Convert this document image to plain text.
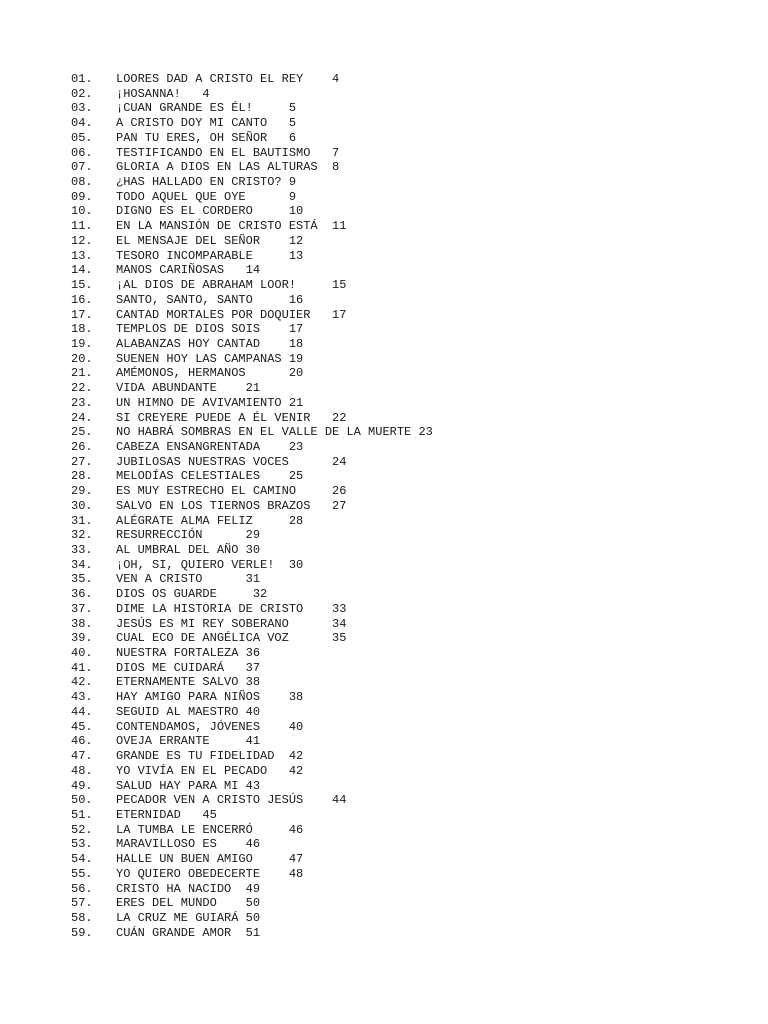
01. LOORES DAD A CRISTO EL REY    4
02. ¡HOSANNA!   4
03. ¡CUAN GRANDE ES ÉL!     5
04. A CRISTO DOY MI CANTO   5
05. PAN TU ERES, OH SEÑOR   6
06. TESTIFICANDO EN EL BAUTISMO   7
07. GLORIA A DIOS EN LAS ALTURAS  8
08. ¿HAS HALLADO EN CRISTO? 9
09. TODO AQUEL QUE OYE      9
10. DIGNO ES EL CORDERO     10
11. EN LA MANSIÓN DE CRISTO ESTÁ  11
12. EL MENSAJE DEL SEÑOR    12
13. TESORO INCOMPARABLE     13
14. MANOS CARIÑOSAS   14
15. ¡AL DIOS DE ABRAHAM LOOR!     15
16. SANTO, SANTO, SANTO     16
17. CANTAD MORTALES POR DOQUIER   17
18. TEMPLOS DE DIOS SOIS    17
19. ALABANZAS HOY CANTAD    18
20. SUENEN HOY LAS CAMPANAS 19
21. AMÉMONOS, HERMANOS      20
22. VIDA ABUNDANTE    21
23. UN HIMNO DE AVIVAMIENTO 21
24. SI CREYERE PUEDE A ÉL VENIR   22
25. NO HABRÁ SOMBRAS EN EL VALLE DE LA MUERTE 23
26. CABEZA ENSANGRENTADA    23
27. JUBILOSAS NUESTRAS VOCES      24
28. MELODÍAS CELESTIALES    25
29. ES MUY ESTRECHO EL CAMINO     26
30. SALVO EN LOS TIERNOS BRAZOS   27
31. ALÉGRATE ALMA FELIZ     28
32. RESURRECCIÓN      29
33. AL UMBRAL DEL AÑO 30
34. ¡OH, SI, QUIERO VERLE!  30
35. VEN A CRISTO      31
36. DIOS OS GUARDE     32
37. DIME LA HISTORIA DE CRISTO    33
38. JESÚS ES MI REY SOBERANO      34
39. CUAL ECO DE ANGÉLICA VOZ      35
40. NUESTRA FORTALEZA 36
41. DIOS ME CUIDARÁ   37
42. ETERNAMENTE SALVO 38
43. HAY AMIGO PARA NIÑOS    38
44. SEGUID AL MAESTRO 40
45. CONTENDAMOS, JÓVENES    40
46. OVEJA ERRANTE     41
47. GRANDE ES TU FIDELIDAD  42
48. YO VIVÍA EN EL PECADO   42
49. SALUD HAY PARA MI 43
50. PECADOR VEN A CRISTO JESÚS    44
51. ETERNIDAD   45
52. LA TUMBA LE ENCERRÓ     46
53. MARAVILLOSO ES    46
54. HALLE UN BUEN AMIGO     47
55. YO QUIERO OBEDECERTE    48
56. CRISTO HA NACIDO  49
57. ERES DEL MUNDO    50
58. LA CRUZ ME GUIARÁ 50
59. CUÁN GRANDE AMOR  51
